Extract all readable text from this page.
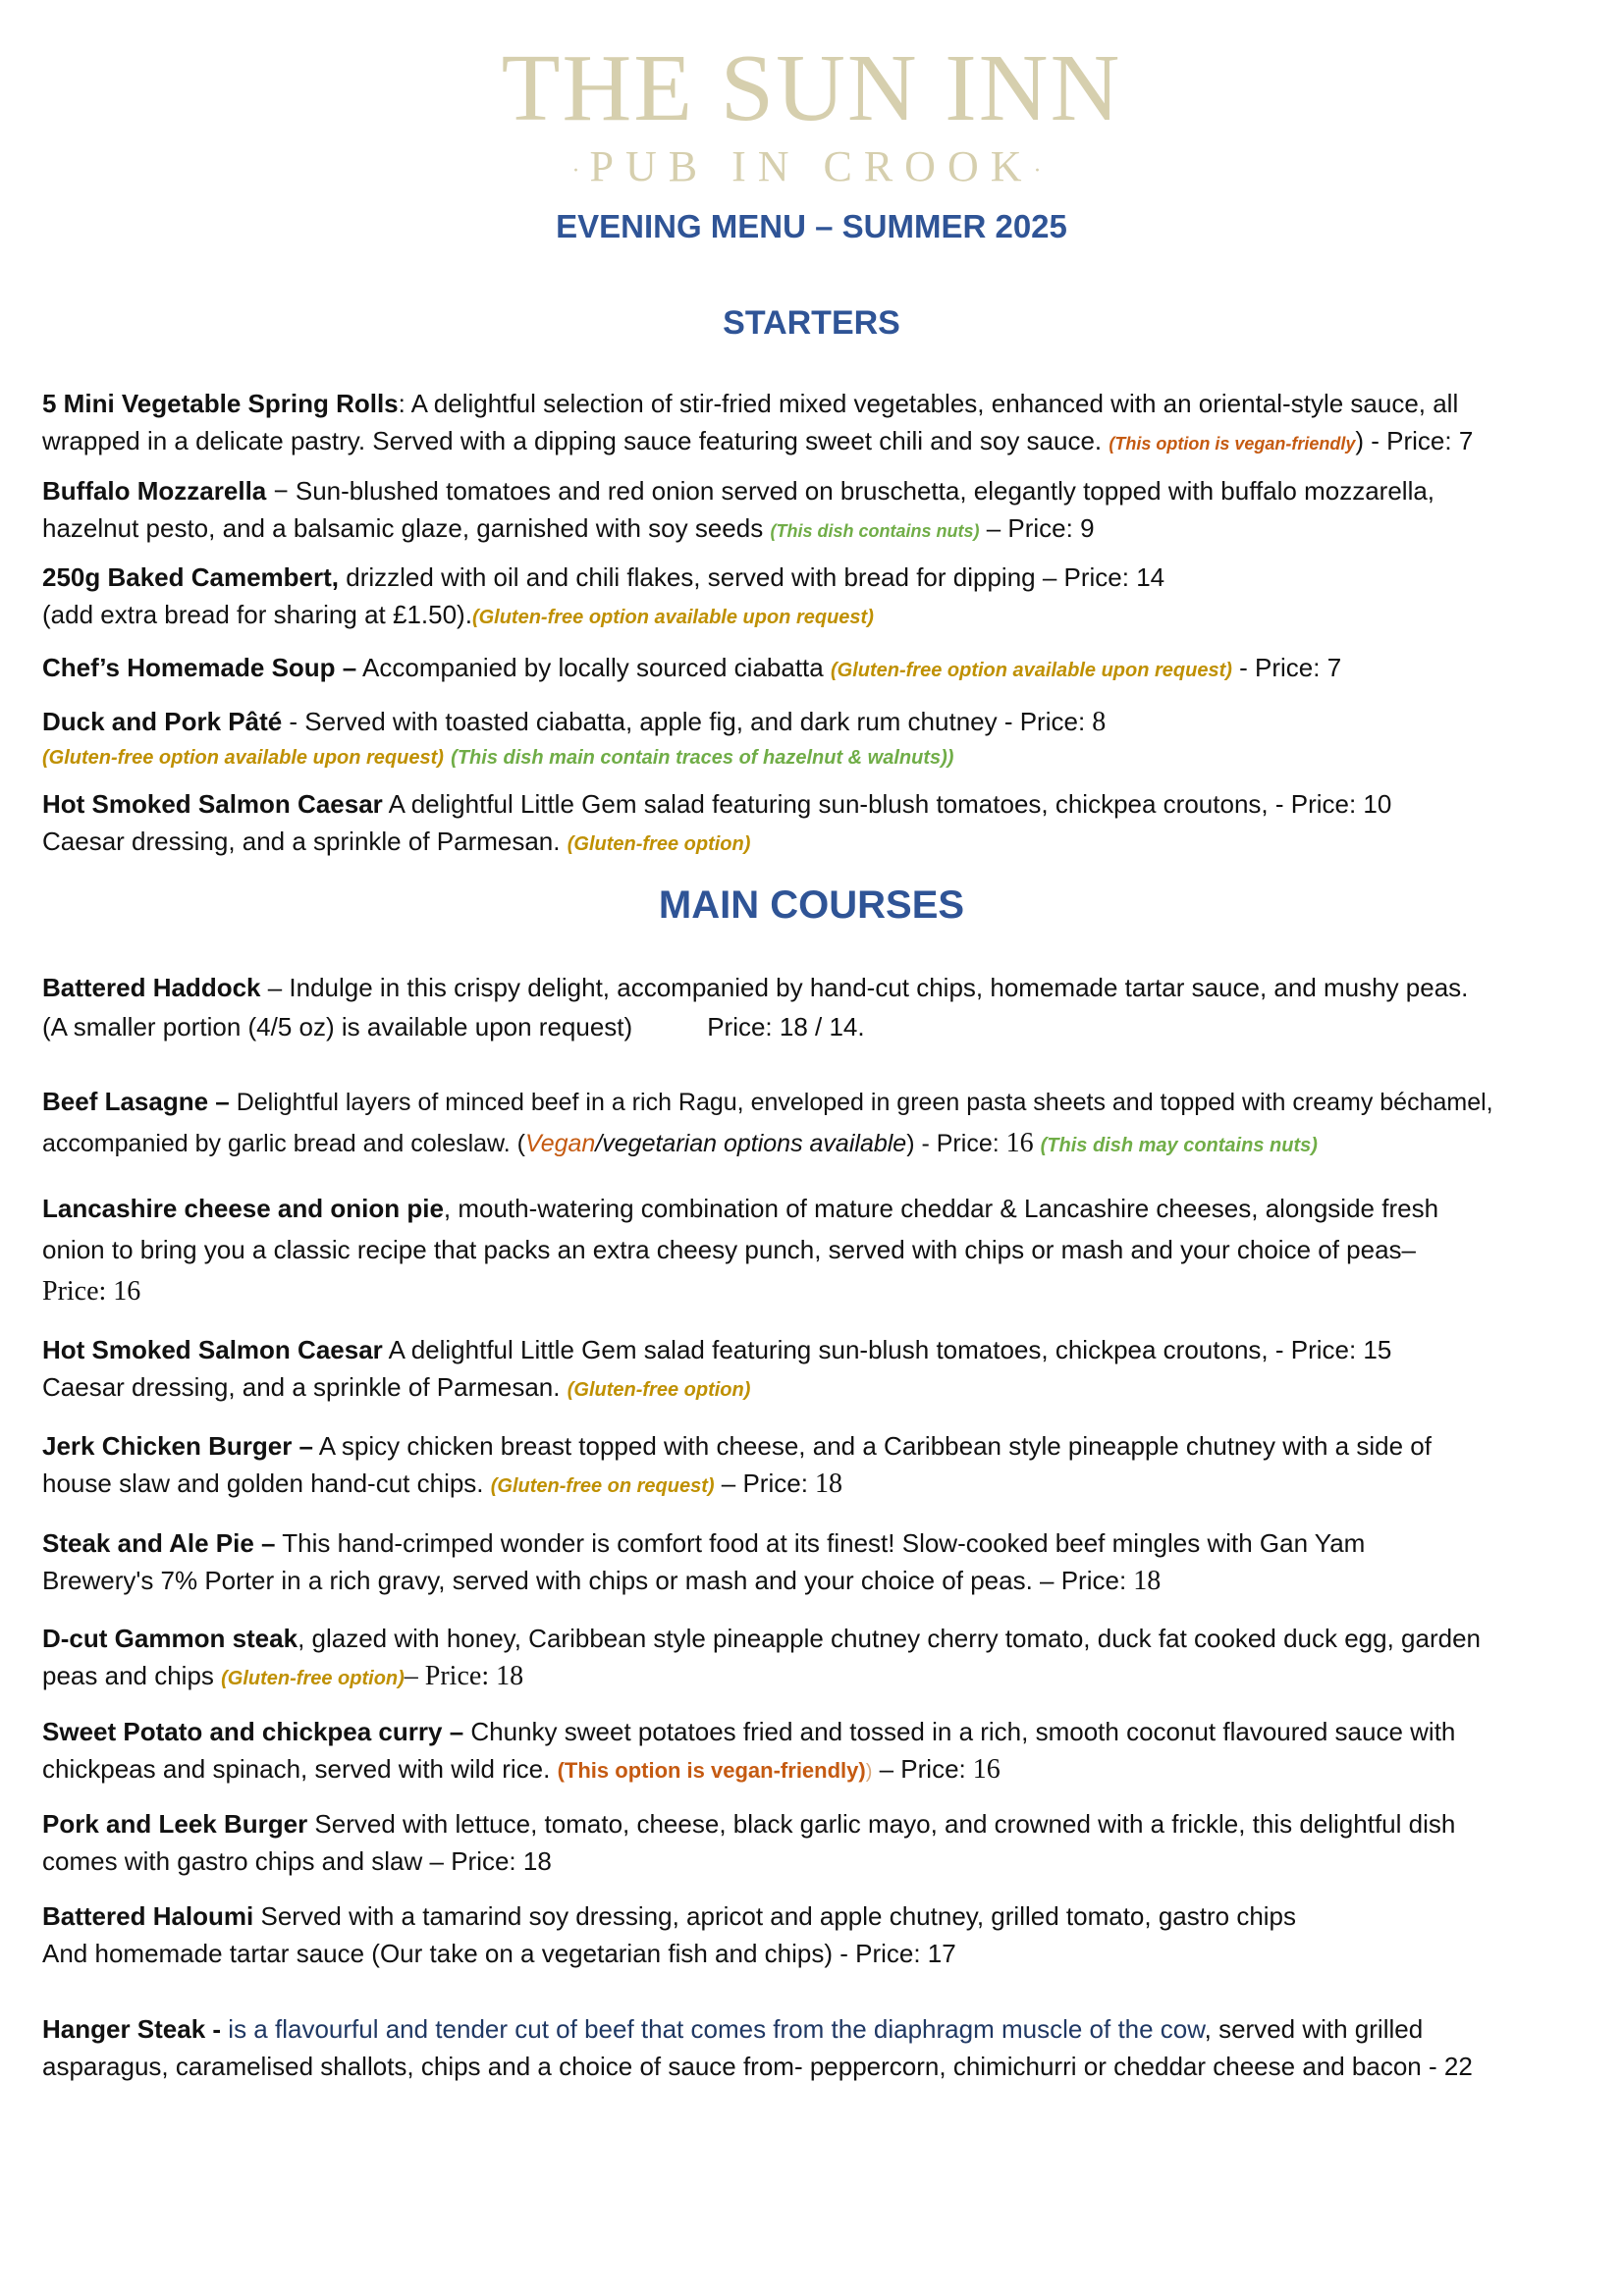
THE SUN INN
·PUB IN CROOK·
EVENING MENU – SUMMER 2025
STARTERS

5 Mini Vegetable Spring Rolls: A delightful selection of stir-fried mixed vegetables, enhanced with an oriental-style sauce, all

wrapped in a delicate pastry. Served with a dipping sauce featuring sweet chili and soy sauce. (This option is vegan-friendly) - Price: 7

Buffalo Mozzarella − Sun-blushed tomatoes and red onion served on bruschetta, elegantly topped with buffalo mozzarella,

hazelnut pesto, and a balsamic glaze, garnished with soy seeds (This dish contains nuts) – Price: 9

250g Baked Camembert, drizzled with oil and chili flakes, served with bread for dipping – Price: 14

(add extra bread for sharing at £1.50).(Gluten-free option available upon request)

Chef’s Homemade Soup – Accompanied by locally sourced ciabatta (Gluten-free option available upon request) - Price: 7

Duck and Pork Pâté - Served with toasted ciabatta, apple fig, and dark rum chutney - Price: 8

(Gluten-free option available upon request) (This dish main contain traces of hazelnut & walnuts))

Hot Smoked Salmon Caesar A delightful Little Gem salad featuring sun-blush tomatoes, chickpea croutons, - Price: 10

Caesar dressing, and a sprinkle of Parmesan. (Gluten-free option)

MAIN COURSES

Battered Haddock – Indulge in this crispy delight, accompanied by hand-cut chips, homemade tartar sauce, and mushy peas.

(A smaller portion (4/5 oz) is available upon request)	Price: 18 / 14.

Beef Lasagne – Delightful layers of minced beef in a rich Ragu, enveloped in green pasta sheets and topped with creamy béchamel,

accompanied by garlic bread and coleslaw. (Vegan/vegetarian options available) - Price: 16 (This dish may contains nuts)

Lancashire cheese and onion pie, mouth-watering combination of mature cheddar & Lancashire cheeses, alongside fresh

onion to bring you a classic recipe that packs an extra cheesy punch, served with chips or mash and your choice of peas–

Price: 16

Hot Smoked Salmon Caesar A delightful Little Gem salad featuring sun-blush tomatoes, chickpea croutons, - Price: 15

Caesar dressing, and a sprinkle of Parmesan. (Gluten-free option)

Jerk Chicken Burger – A spicy chicken breast topped with cheese, and a Caribbean style pineapple chutney with a side of

house slaw and golden hand-cut chips. (Gluten-free on request) – Price: 18

Steak and Ale Pie – This hand-crimped wonder is comfort food at its finest! Slow-cooked beef mingles with Gan Yam

Brewery's 7% Porter in a rich gravy, served with chips or mash and your choice of peas. – Price: 18

D-cut Gammon steak, glazed with honey, Caribbean style pineapple chutney cherry tomato, duck fat cooked duck egg, garden

peas and chips (Gluten-free option)– Price: 18

Sweet Potato and chickpea curry – Chunky sweet potatoes fried and tossed in a rich, smooth coconut flavoured sauce with

chickpeas and spinach, served with wild rice. (This option is vegan-friendly)) – Price: 16

Pork and Leek Burger Served with lettuce, tomato, cheese, black garlic mayo, and crowned with a frickle, this delightful dish

comes with gastro chips and slaw – Price: 18

Battered Haloumi Served with a tamarind soy dressing, apricot and apple chutney, grilled tomato, gastro chips

And homemade tartar sauce (Our take on a vegetarian fish and chips) - Price: 17

Hanger Steak - is a flavourful and tender cut of beef that comes from the diaphragm muscle of the cow, served with grilled

asparagus, caramelised shallots, chips and a choice of sauce from- peppercorn, chimichurri or cheddar cheese and bacon - 22
